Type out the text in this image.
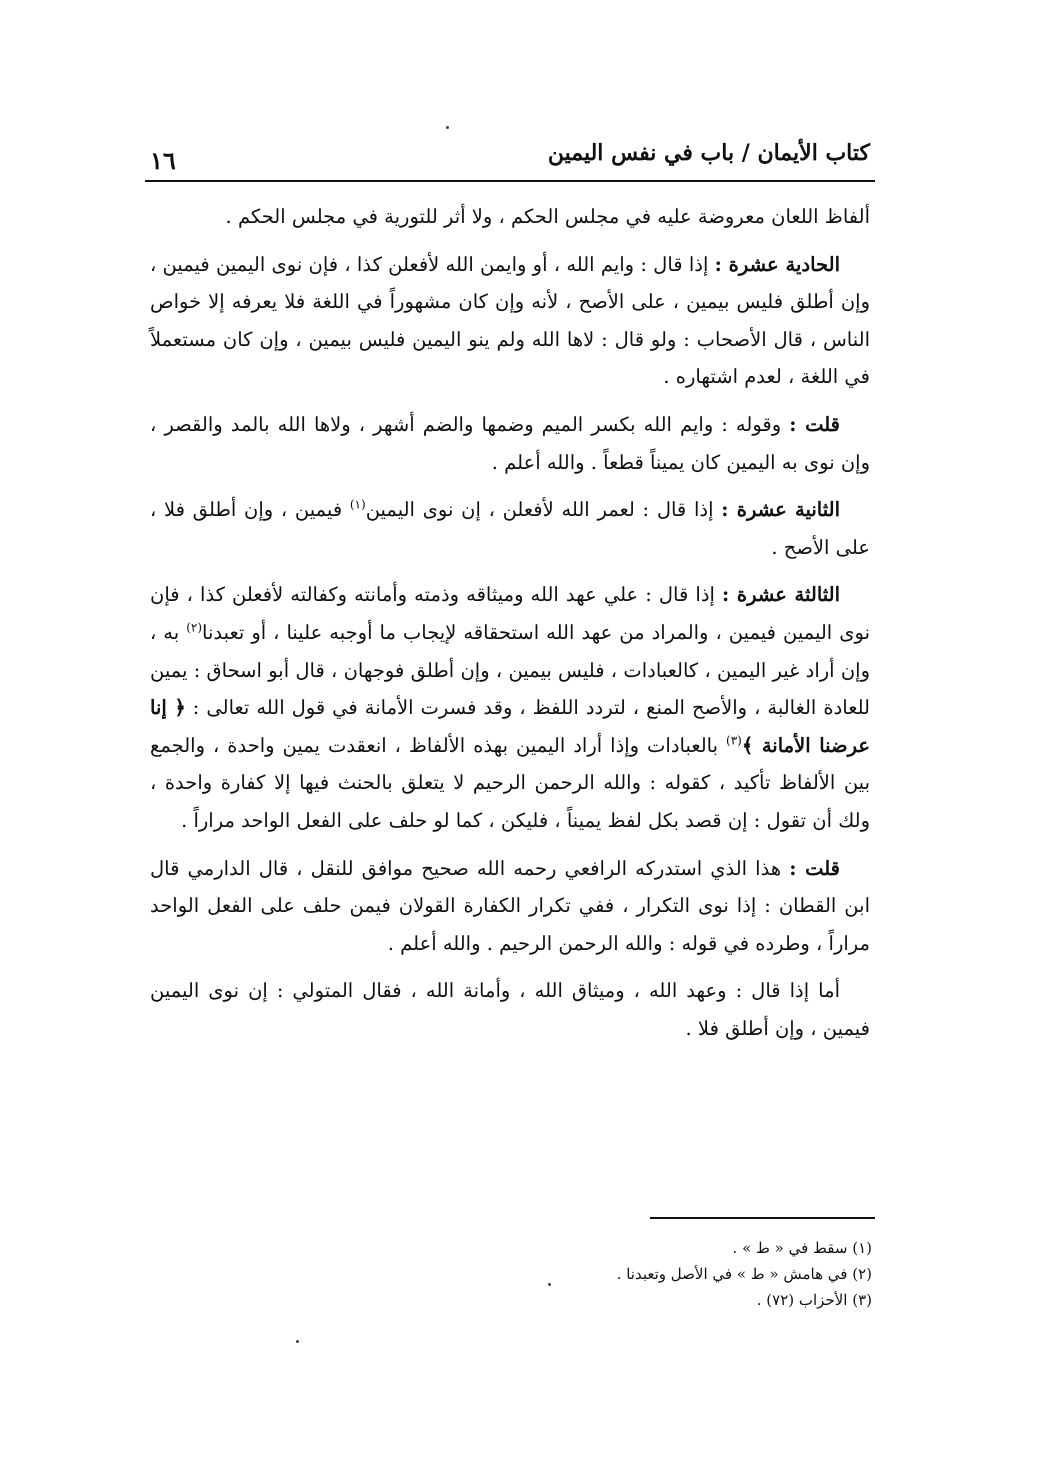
كتاب الأيمان / باب في نفس اليمين
١٦

ألفاظ اللعان معروضة عليه في مجلس الحكم ، ولا أثر للتورية في مجلس الحكم .

الحادية عشرة : إذا قال : وايم الله ، أو وايمن الله لأفعلن كذا ، فإن نوى اليمين فيمين ، وإن أطلق فليس بيمين ، على الأصح ، لأنه وإن كان مشهوراً في اللغة فلا يعرفه إلا خواص الناس ، قال الأصحاب : ولو قال : لاها الله ولم ينو اليمين فليس بيمين ، وإن كان مستعملاً في اللغة ، لعدم اشتهاره .

قلت : وقوله : وايم الله بكسر الميم وضمها والضم أشهر ، ولاها الله بالمد والقصر ، وإن نوى به اليمين كان يميناً قطعاً . والله أعلم .

الثانية عشرة : إذا قال : لعمر الله لأفعلن ، إن نوى اليمين$^{(١)}$ فيمين ، وإن أطلق فلا ، على الأصح .

الثالثة عشرة : إذا قال : علي عهد الله وميثاقه وذمته وأمانته وكفالته لأفعلن كذا ، فإن نوى اليمين فيمين ، والمراد من عهد الله استحقاقه لإيجاب ما أوجبه علينا ، أو تعبدنا$^{(٢)}$ به ، وإن أراد غير اليمين ، كالعبادات ، فليس بيمين ، وإن أطلق فوجهان ، قال أبو اسحاق : يمين للعادة الغالبة ، والأصح المنع ، لتردد اللفظ ، وقد فسرت الأمانة في قول الله تعالى : ﴿ إنا عرضنا الأمانة ﴾$^{(٣)}$ بالعبادات وإذا أراد اليمين بهذه الألفاظ ، انعقدت يمين واحدة ، والجمع بين الألفاظ تأكيد ، كقوله : والله الرحمن الرحيم لا يتعلق بالحنث فيها إلا كفارة واحدة ، ولك أن تقول : إن قصد بكل لفظ يميناً ، فليكن ، كما لو حلف على الفعل الواحد مراراً .

قلت : هذا الذي استدركه الرافعي رحمه الله صحيح موافق للنقل ، قال الدارمي قال ابن القطان : إذا نوى التكرار ، ففي تكرار الكفارة القولان فيمن حلف على الفعل الواحد مراراً ، وطرده في قوله : والله الرحمن الرحيم . والله أعلم .

أما إذا قال : وعهد الله ، وميثاق الله ، وأمانة الله ، فقال المتولي : إن نوى اليمين فيمين ، وإن أطلق فلا .

(١) سقط في « ط » .

(٢) في هامش « ط » في الأصل وتعبدنا .

(٣) الأحزاب (٧٢) .
